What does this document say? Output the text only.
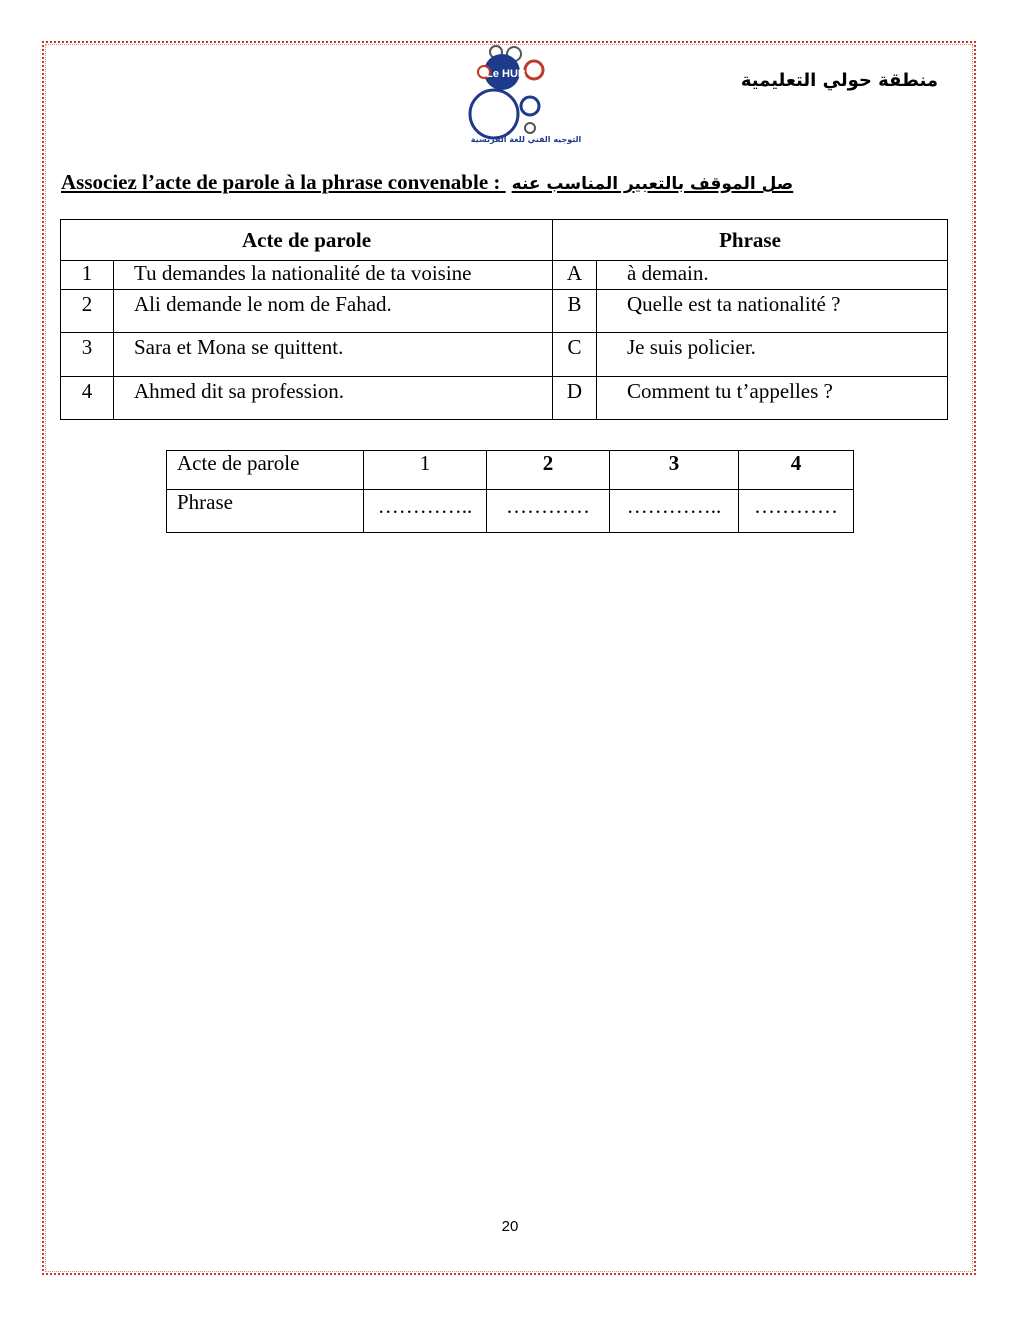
Le HUB
التوجيه الفني للغة الفرنسية
منطقة حولي التعليمية
Associez l’acte de parole à la phrase convenable : صل الموقف بالتعبير المناسب عنه
Acte de parole		Phrase	
1	Tu demandes la nationalité de ta voisine	A	à demain.
2	Ali demande le nom de Fahad.	B	Quelle est ta nationalité ?
3	Sara et Mona se quittent.	C	Je suis policier.
4	Ahmed dit sa profession.	D	Comment tu t’appelles ?
Acte de parole	1	2	3	4
Phrase	…………..	…………	…………..	…………
20
